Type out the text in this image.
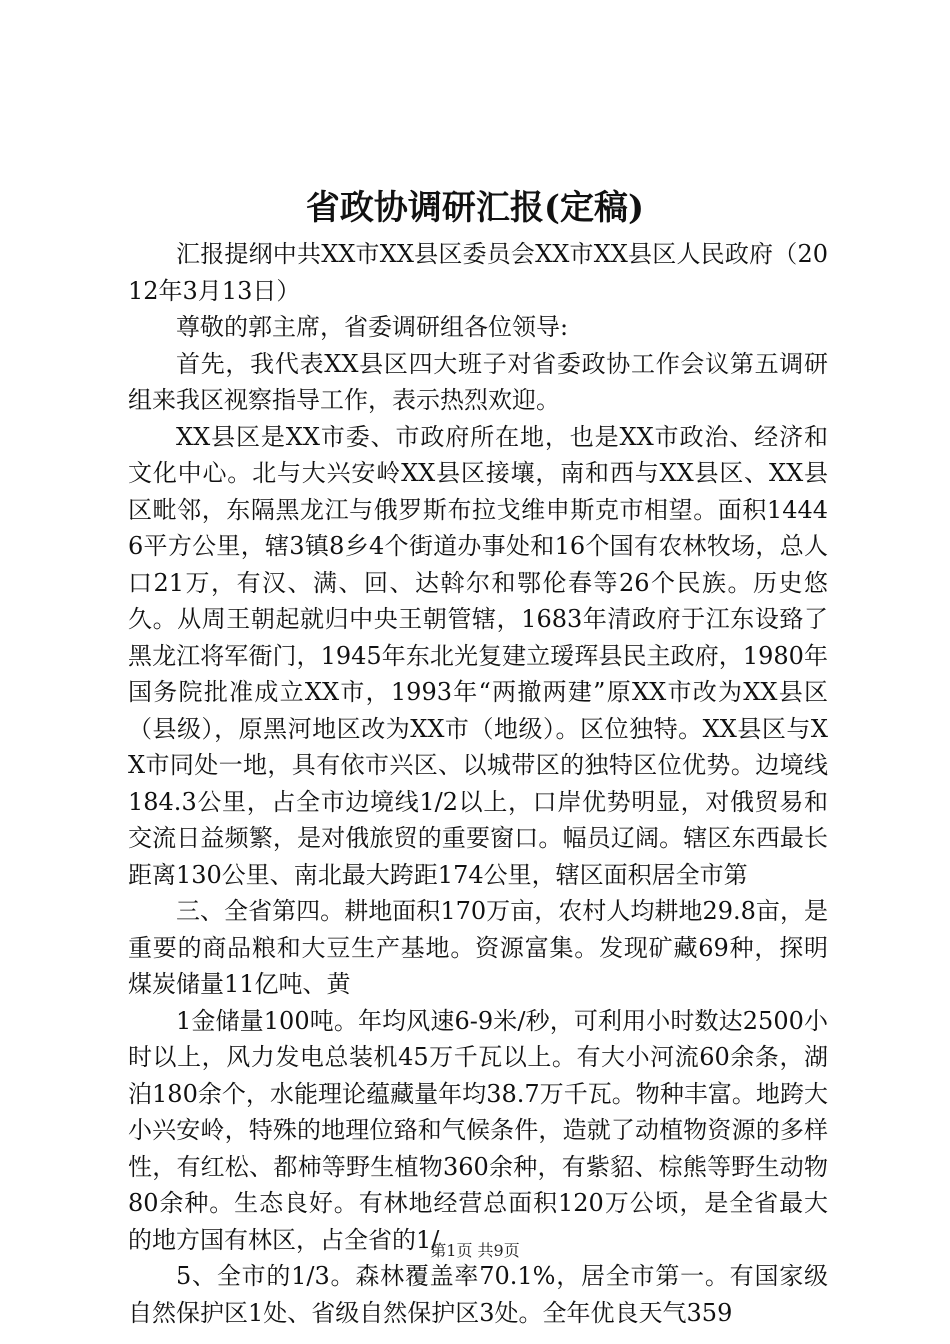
省政协调研汇报(定稿)

汇报提纲中共XX市XX县区委员会XX市XX县区人民政府（2012年3月13日）

尊敬的郭主席，省委调研组各位领导:

首先，我代表XX县区四大班子对省委政协工作会议第五调研组来我区视察指导工作，表示热烈欢迎。

XX县区是XX市委、市政府所在地，也是XX市政治、经济和文化中心。北与大兴安岭XX县区接壤，南和西与XX县区、XX县区毗邻，东隔黑龙江与俄罗斯布拉戈维申斯克市相望。面积14446平方公里，辖3镇8乡4个街道办事处和16个国有农林牧场，总人口21万，有汉、满、回、达斡尔和鄂伦春等26个民族。历史悠久。从周王朝起就归中央王朝管辖，1683年清政府于江东设臵了黑龙江将军衙门，1945年东北光复建立瑷珲县民主政府，1980年国务院批准成立XX市，1993年“两撤两建”原XX市改为XX县区（县级），原黑河地区改为XX市（地级）。区位独特。XX县区与XX市同处一地，具有依市兴区、以城带区的独特区位优势。边境线184.3公里，占全市边境线1/2以上，口岸优势明显，对俄贸易和交流日益频繁，是对俄旅贸的重要窗口。幅员辽阔。辖区东西最长距离130公里、南北最大跨距174公里，辖区面积居全市第

三、全省第四。耕地面积170万亩，农村人均耕地29.8亩，是重要的商品粮和大豆生产基地。资源富集。发现矿藏69种，探明煤炭储量11亿吨、黄

1金储量100吨。年均风速6-9米/秒，可利用小时数达2500小时以上，风力发电总装机45万千瓦以上。有大小河流60余条，湖泊180余个，水能理论蕴藏量年均38.7万千瓦。物种丰富。地跨大小兴安岭，特殊的地理位臵和气候条件，造就了动植物资源的多样性，有红松、都柿等野生植物360余种，有紫貂、棕熊等野生动物80余种。生态良好。有林地经营总面积120万公顷，是全省最大的地方国有林区，占全省的1/

5、全市的1/3。森林覆盖率70.1%，居全市第一。有国家级自然保护区1处、省级自然保护区3处。全年优良天气359

第1页 共9页
